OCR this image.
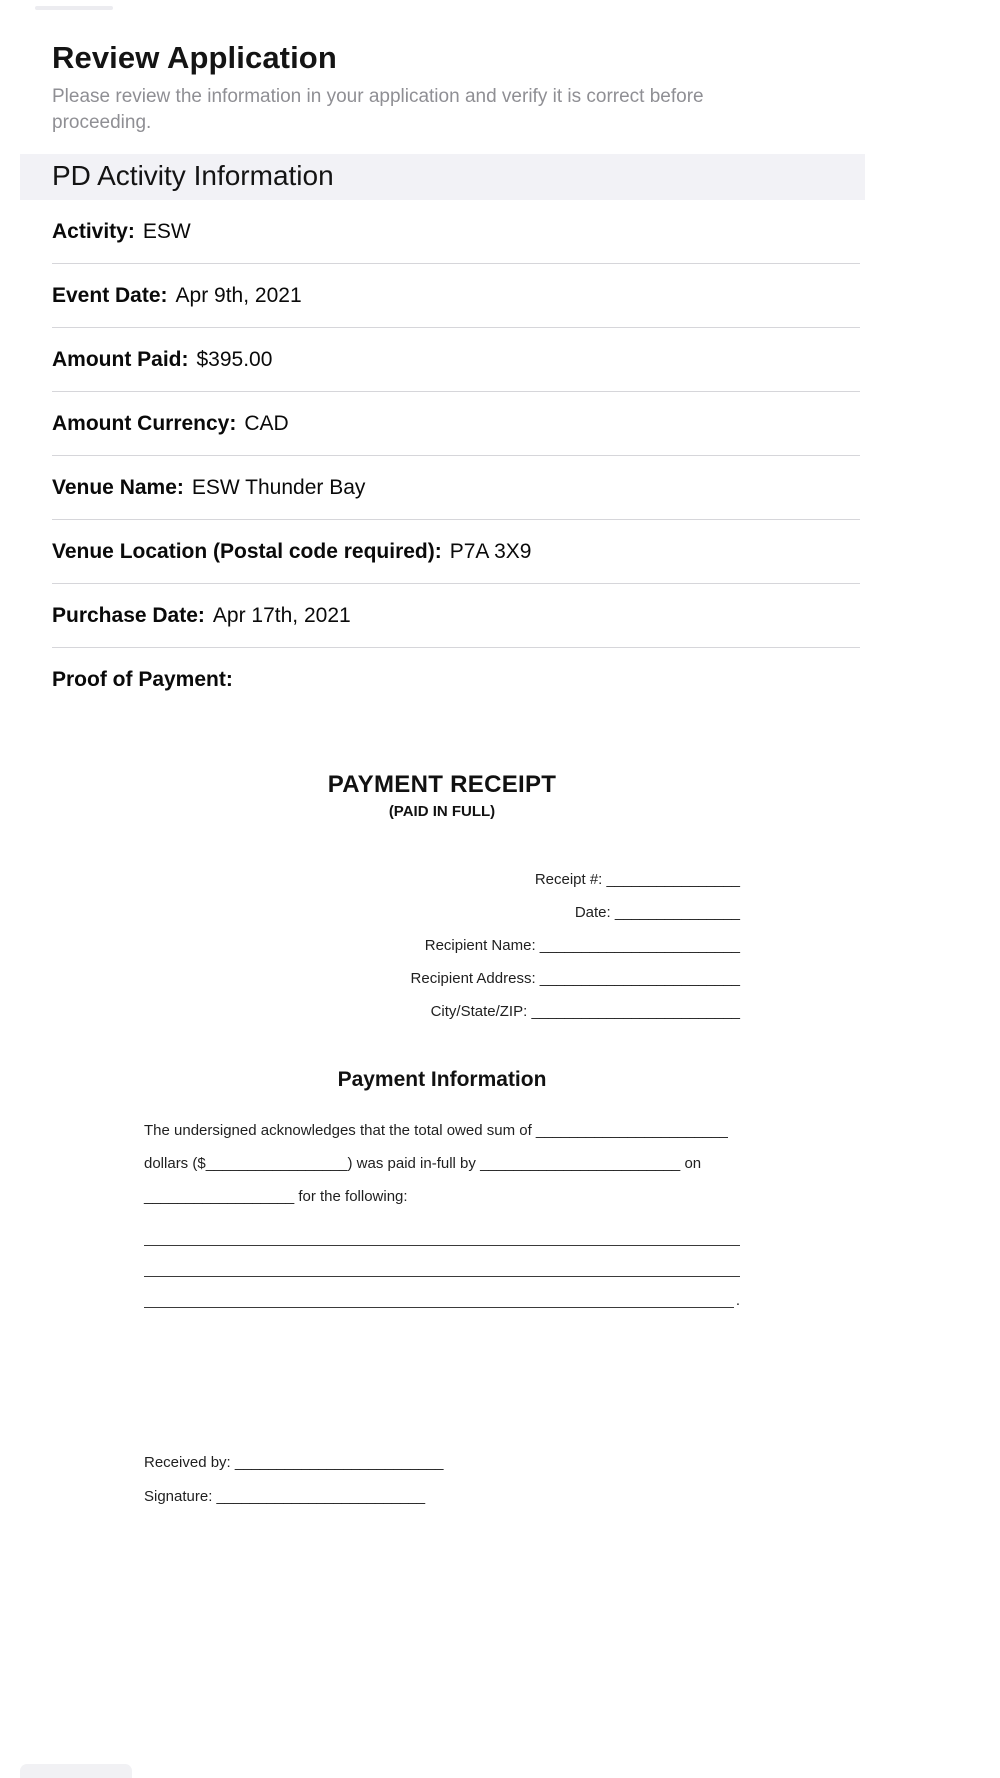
Review Application

Please review the information in your application and verify it is correct before proceeding.

PD Activity Information
Activity: ESW
Event Date: Apr 9th, 2021
Amount Paid: $395.00
Amount Currency: CAD
Venue Name: ESW Thunder Bay
Venue Location (Postal code required): P7A 3X9
Purchase Date: Apr 17th, 2021
Proof of Payment:
PAYMENT RECEIPT
(PAID IN FULL)
Receipt #: ________________
Date: _______________
Recipient Name: ________________________
Recipient Address: ________________________
City/State/ZIP: _________________________
Payment Information
The undersigned acknowledges that the total owed sum of _______________________
dollars ($_________________) was paid in-full by ________________________ on
__________________ for the following:
.
Received by: _________________________
Signature: _________________________
